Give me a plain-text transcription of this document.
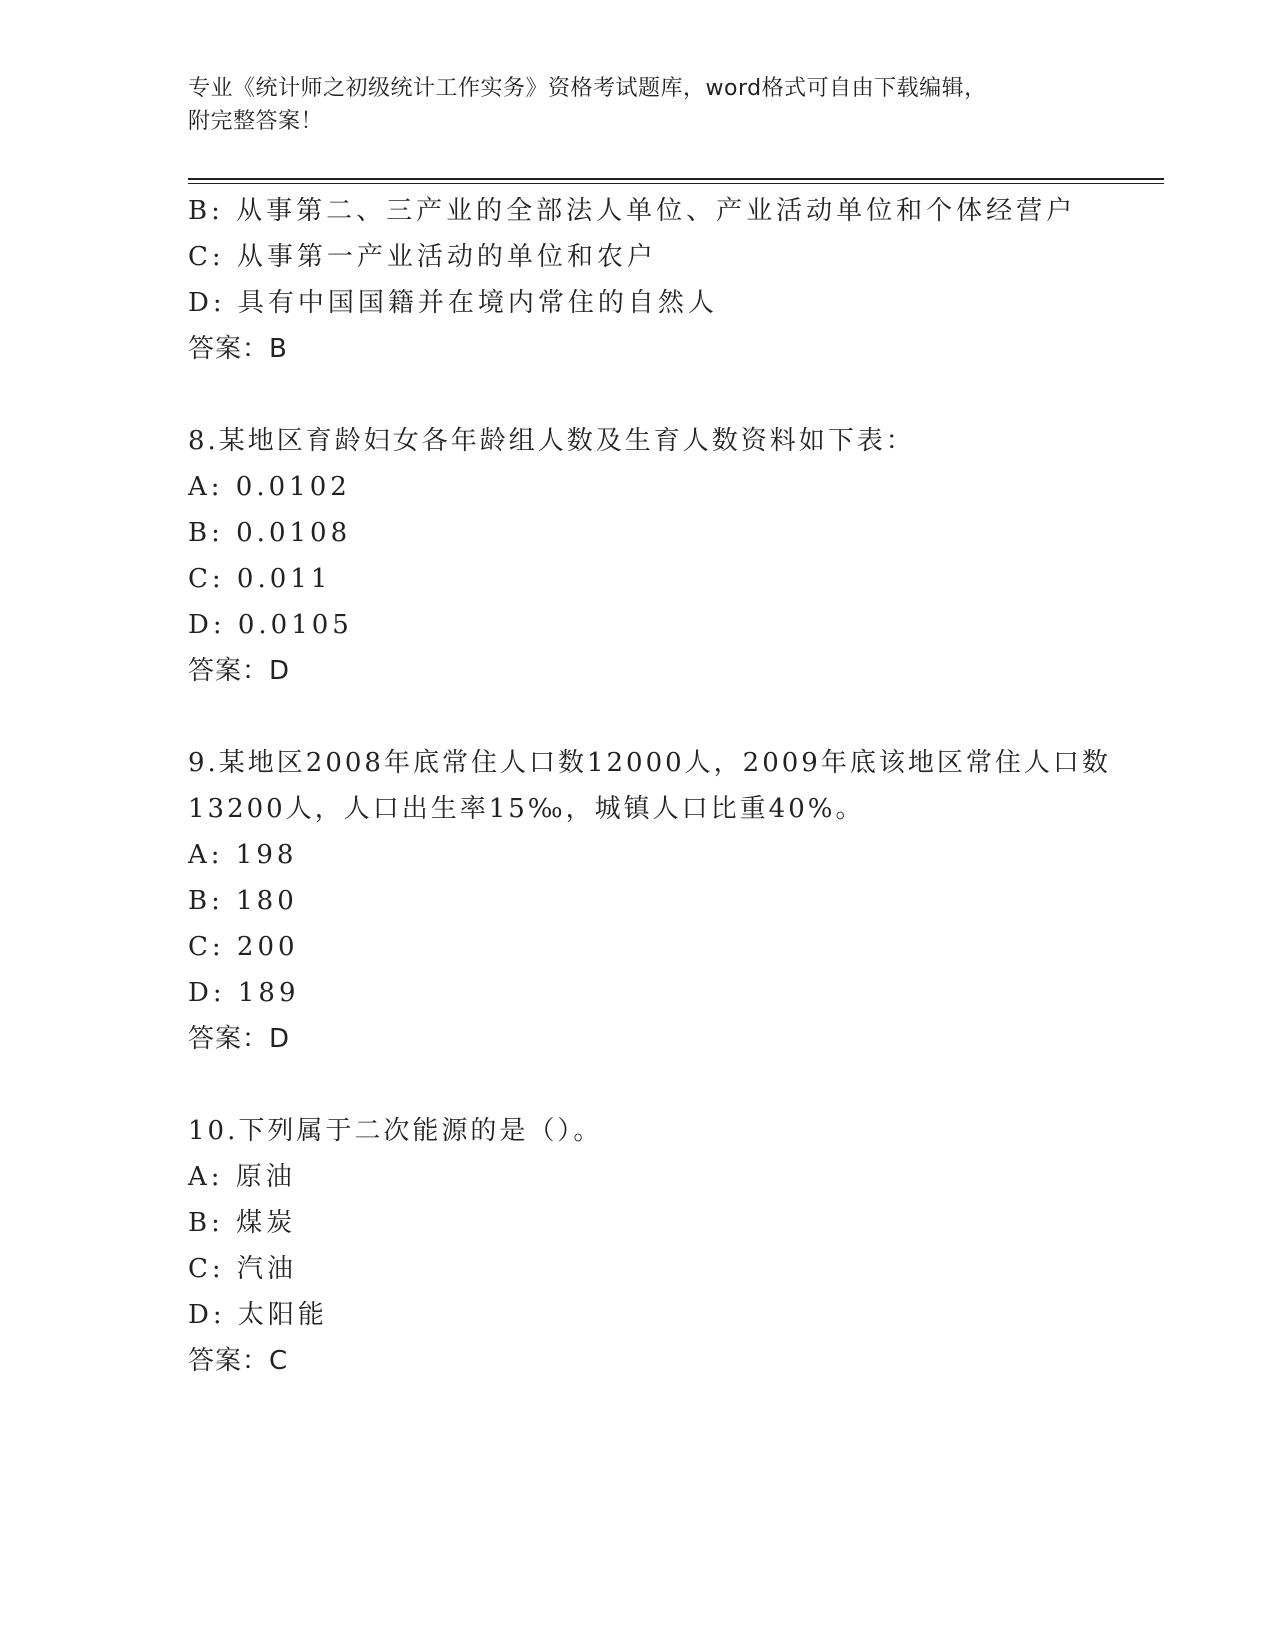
专业《统计师之初级统计工作实务》资格考试题库，word格式可自由下载编辑，
附完整答案！
B: 从事第二、三产业的全部法人单位、产业活动单位和个体经营户
C: 从事第一产业活动的单位和农户
D: 具有中国国籍并在境内常住的自然人
答案：B
8.某地区育龄妇女各年龄组人数及生育人数资料如下表：
A: 0.0102
B: 0.0108
C: 0.011
D: 0.0105
答案：D
9.某地区2008年底常住人口数12000人，2009年底该地区常住人口数
13200人，人口出生率15‰，城镇人口比重40%。
A: 198
B: 180
C: 200
D: 189
答案：D
10.下列属于二次能源的是（）。
A: 原油
B: 煤炭
C: 汽油
D: 太阳能
答案：C
